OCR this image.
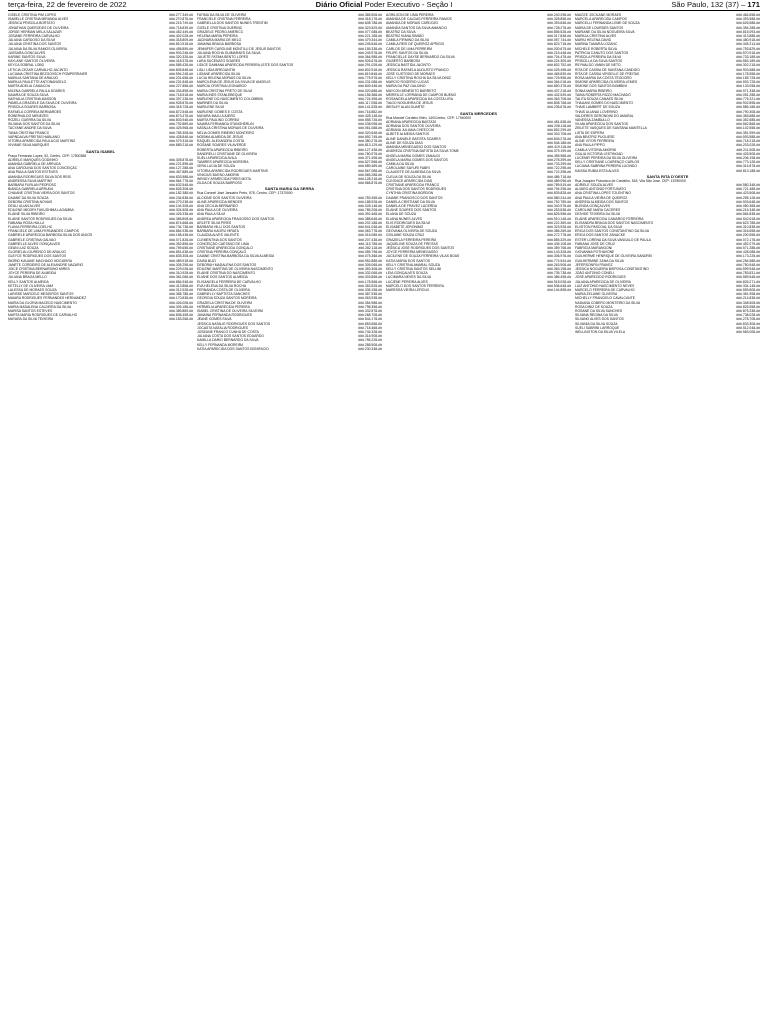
terça-feira, 22 de fevereiro de 2022	Diário Oficial Poder Executivo - Seção I	São Paulo, 132 (37) – 171
GISELE CRISTINA PIM LOPES	###.277.349-##
ISABELLE CRISTINA MIRANDA ALVES	###.270.878-##
JESSICA PRISCILA BORTATO	###.215.749-##
JONATHAN QUERODES DE OLIVEIRA	###.718.839-##
JORGE HERMAN MELA SALAZAR	###.452.449-##
JOSIANE FERREIRA CARVALHO	###.402.028-##
JULIANA CARDOSO DA SILVA	###.318.809-##
JULIANA CRISTINA DOS SANTOS	###.810.518-##
JULIANA DA SILVA RAMOS OLIVEIRA	###.458.859-##
JUSSARA GONCALVES	###.903.248-##
KARINE SANTOS SILVA	###.320.328-##
KAYLANE SANTOS OLIVEIRA	###.418.378-##
KEYCA SOBRAL LOBO	###.585.428-##
LETICIA CEZAR CARVALHO JACINTO	###.805.848-##
LUCIANA CRISTINA BEZGOVSCH POMPERRAIER	###.594.248-##
MARILIA SANTANA DE ARAUJO	###.201.658-##
MARILIA PAULETTE ANTONANGELO	###.231.848-##
MARTA ADELIA CAMACOA	###.227.858-##
MILENA GABRIELA PAULA SOARES	###.334.898-##
NAIARA DE SOUZA SILVA	###.718.518-##
NATHALIA CRISTINA MASSON	###.397.238-##
PAMELA GRAZIELE DA SILVA DE OLIVEIRA	###.928.878-##
PRISCILA SOARES BARBOSA	###.318.728-##
RAFAELA CORREIA BERNARDES	###.872.548-##
ROBERVALDO MENEZES	###.873.478-##
ROZELI GUERRA DA SILVA	###.803.948-##
SILVANA DOS SANTOS DA SILVA	###.792.889-##
TACYANE ANDRE DA SILVA	###.425.968-##
TANIA CRISTINA FRANCO	###.785.308-##
VARNDALVA FREITAS HABLANO	###.428.848-##
VITORIA APARECIDA PAULUCIO MARTINS	###.079.318-##
VIVIANE SILVA MARQUES	###.889.218-##
SANTA ISABEL
Praça Fernando Lopes, 52, Centro, CEP: 17500388
ADRIELE MARQUES GODINHO	###.305.878-##
AMANDA GABRIELA DE ARRUDA	###.221.898-##
ANA CAROLINA DOS SANTOS CONCEIÇÃO	###.127.288-##
ANA PAULA SANTOS ESTEVES	###.467.889-##
AMANDA RODRIGUES SILVA DOS REIS	###.833.588-##
ANDRESSA SILVA MARTINS	###.564.778-##
BARBARA FURLAN PEDROSO	###.632.548-##
BIANCA GABRIELA ARRUDA	###.828.308-##
CHAIANE CRISTINA VIEIRA DOS SANTOS	###.182.388-##
DAIANE DA SILVA SOUZA	###.234.838-##
DEBORA CRISTINA NOVAIS	###.279.238-##
DEULI ULIAN ALVES	###.104.308-##
EDILENE MIDORI FUKUSHIMA LAGAMBA	###.304.508-##
ELAINE SILVA RIBEIRO	###.426.338-##
ELAINE SANTOS RODRIGUES DA SILVA	###.385.808-##
FABIANA ROSA HULLA	###.874.668-##
FLAVIA FERREIRA COELHO	###.734.738-##
FRANCIELE DE LIMA FERNANDES CAMPOS	###.864.938-##
GABRIELE APARECIDA BARBOSA SILVA DOS ANJOS	###.158.438-##
GABRIELE CRISTINA GALVAO	###.071.828-##
GABRIELLE ALVES GONÇALVES	###.352.858-##
GEAN LUIZ SOUZA	###.759.658-##
GLORIELIA LOURENCO DE ARAUJO	###.851.638-##
GLEYCE RODRIGUES DOS SANTOS	###.835.308-##
INGRID KAUANE MACHADO NOGUEIRA	###.489.918-##
JANETE CORDEIRO DE ALEXANDRE NAZARIO	###.305.298-##
JOICE CRISTINA BERNARDINO MIRES	###.229.028-##
JOYCE PEREIRA DE ALMEIDA	###.310.928-##
JULIANA BRAGA MELLO	###.361.068-##
KELLY SANTOS ALMEIDA	###.884.948-##
KETELLY DE OLIVEIRA LIMA	###.413.868-##
LALESSA DE MORAES SOUZA	###.312.928-##
LARISSE MARCELE MEDEIROS SANTOS	###.368.788-##
MAIARA RODRIGUES FERNANDES HERNANDEZ	###.170.838-##
MARIA DA GLORIA MACEDO NASCIMENTO	###.426.008-##
MARIA MADALENA CALDEIRA DA SILVA	###.305.188-##
MARISA SANTOS ESTEVES	###.389.889-##
MARTA MARIA RODRIGUES DE CARVALHO	###.808.458-##
MAYARA DA SILVA TEIXEIRA	###.183.268-##
FATIMA DA SILVA DE OLIVEIRA	###.385.508-##
FRANCIELE CRISTINA FERREIRA	###.318.178-##
GABRIELLA DOS SANTOS NUNES TRENTIM	###.608.788-##
GIZELE CRISTINA GUERINO	###.323.529-##
GRAZIELE PEDRO AMERICO	###.077.088-##
HELENA MARIA PEREIRA	###.221.188-##
JACINARA MARIA DE MELO	###.479.344-##
JANAINA BRAGA BARBOSA	###.245.848-##
JENNIFER CAROLINE MONTILLI DE JESUS SANTOS	###.155.338-##
JULIANA ROCHA GUIMARAES DA SILVA	###.245.978-##
JULIETE FATIMA BENTO LOPES	###.364.988-##
LARA SUCENATO SOARES	###.926.678-##
LIDICE DAMIANA APARECIDA PEREIRA LEITE DOS SANTOS	###.291.028-##
LIDLI LIDIA BREGANTIM	###.802.518-##
LIDIANE APARECIDA SILVA	###.819.848-##
LUCIA HELENA MORAIS DA SILVA	###.775.978-##
MARCILENA DE JESUS DA SILVA DE ANGELIS	###.231.088-##
MARCIA CRISTINA LEONARDO	###.849.448-##
MARIA CRISTINA PRETO DE SILVA	###.020.688-##
MARIA INES STANLEBEQUE	###.156.388-##
MARLENE DO NASCIMENTO COLOMBINI	###.724.398-##
MARINES DA SILVA	###.117.058-##
MARILENE SILVA	###.141.528-##
MARLENE GOMES E COSTA	###.716.882-##
MAYARA MAJU AJUERO	###.428.148-##
MARTA PAULINO CORREA	###.558.728-##
NAIARA FERNANDA STANGHERLIN	###.038.098-##
NATALIA CRISTINA MORAIS DE OLIVEIRA	###.061.088-##
NELIA GOMES RIBEIRO MONTEIRO	###.320.648-##
NOEMIA ALMEIDA DE JESUS	###.892.745-##
RAQUEL ALEXANDRA COSTA	###.380.278-##
ROSANE SOARES VILAVERDE	###.813.129-##
ROBERTA APARECIDA RIBEIRO	###.127.438-##
SANDRELLI CRISTIANE DE OLIVEIRA	###.780.978-##
SUELI APARECIDA AVILA	###.371.498-##
TAMIRES APARECIDA MOREIRA	###.527.568-##
VERA LUCIA DE SOUZA	###.589.489-##
VITORIA APARECIDA RODRIGUES MARTINS	###.567.088-##
VINICIUS BUENO AMORIM	###.565.288-##
WENDY APARECIDA PIRES MOTA	###.128.218-##
ZILDA DE SOUZA BARROSO	###.566.878-##
SANTA MARIA DA SERRA
Rua Coronel José Januário Preto, 578, Centro, CEP: 17370000
ALCIONE DOS SANTOS OLIVEIRA	###.783.498-##
ALINE APARECIDA MENDES	###.188.928-##
ANA CECILIA BERNARDO	###.028.148-##
ANA PAULA DE OLIVEIRA	###.785.208-##
ANA PAULA SILVA	###.392.468-##
ANDREA APARECIDA FRAGOSSO DOS SANTOS	###.388.648-##
ARLETE SILVA PIRES	###.202.188-##
BARBARA HILLI DOS SANTOS	###.541.048-##
BARBARA KAORU HIRATA	###.063.778-##
CLAUDIA ALVES VALENTE	###.016.088-##
CLEMENTINA DOS SANTOS	###.207.438-##
CONCEIÇÃO CAETANO DE LIMA	###.115.788-##
CRISTIANE APARECIDA GONÇALO	###.282.118-##
CRISTINA PEREIRA GONÇALO	###.085.798-##
DAIANE CRISTINA BARBOSA DA SILVA ALMEIDA	###.075.368-##
DAISA BUZI	###.952.888-##
DEBORAH MADALENA DOS SANTOS	###.305.068-##
EDILENE MARTINS DE OLIVEIRA NASCIMENTO	###.353.308-##
ELAINE CRISTINA DO NASCIMENTO	###.332.068-##
ELIANE DOS SANTOS ALMEIDA	###.303.858-##
ELISANGELA FERREIRA DE CARVALHO	###.178.568-##
EVA HELENA DA SILVA ROCHA	###.353.528-##
FERNANDA COSTA DE OLIVEIRA	###.335.158-##
GABRIELLY BAPTISTA SANCHES	###.387.538-##
GEORGIA SOUZA SANTOS MOREIRA	###.063.938-##
GRAZIELA CRISTINA DE OLIVEIRA	###.354.988-##
HERMELIA APARECIDA PEREIRA	###.798.358-##
ISABEL CRISTINA DE OLIVEIRA SILVEIRA	###.332.878-##
JANAINA FERNANDA RODRIGUES	###.268.708-##
JEANE GOMES SILVA	###.544.178-##
JESSICA NATALIE RODRIGUES DOS SANTOS	###.853.658-##
JOCASTA NATALIA RODRIGUES	###.718.468-##
JOSEANE FRANCO CUNHA DE COSTA	###.746.328-##
JULIANA COSTA DOS SANTOS EDUARDO	###.316.908-##
KAMILLA DARIO BERNARDO DA SILVA	###.756.228-##
KELLY FERNANDA MOREIRA	###.288.508-##
KATIA APARECIDA DOS SANTOS BONIFACIO	###.230.338-##
AGRILSON DE LIMA PEREIRA	###.240.298-##
AMANDA DE CALDAS FERREIRA RAMOS	###.328.858-##
AMANDA DE MORAIS CARDOZO	###.393.838-##
AMANDA SANTOS DA SILVA AMANCIO	###.728.278-##
BEATRIZ DA SILVA	###.855.528-##
BEATRIZ KIANA SIMIÃO	###.017.848-##
CAMILA FIRMINO DA SILVA	###.057.744-##
CAMILA REIS DE QUEIROZ APRIGIO	###.823.718-##
CARLOS DE LIMA FERREIRA	###.030.675-##
FELIPE SANTOS DA SILVA	###.215.448-##
FRANCIELLE DAYSE BERNARDO DA SILVA	###.704.478-##
GILBERTO BARBOSA	###.224.309-##
JESSICA BASTIDA JACINTO	###.802.752-##
JESSICA RAFAELA AUGUSTO FRANCO	###.025.498-##
JOSÉ CUSTODIO DE MORAES	###.465.839-##
KELLY CRISTINA ROCHA DA SILVA DINIZ	###.725.958-##
MARCIO ROGERIO LUCAS	###.364.018-##
MARIA DA PAZ GALDINO	###.850.378-##
MAYCON BENEDITO BARRETO	###.407.218-##
MEIREILLE LORRAINA DE CAMPOS BUENO	###.432.539-##
ROSANGELA APARECIDA DA COSTA LIRA	###.363.708-##
TIAGO NOGUEIRA DE JESUS	###.808.768-##
WESLEY ALAN DUARTE	###.235.678-##
SANTA MERCEDES
Rua Manoel Cordeiro Ilhéu, 140/Centro, CEP: 17940000
ADRIANA APARECIDA BASTATA	###.481.638-##
ADRIANA DOS SANTOS OLIVEIRA	###.208.118-##
ADRIANA JULIANA CHEECCHI	###.852.299-##
ALBETE ALMEIDA SANTOS	###.303.708-##
ALINE DANIELE BATISTA SOARES	###.845.278-##
ALINE DE SOUZA DIAS	###.546.188-##
AMANDA MENEGASSO DOS SANTOS	###.419.118-##
ANDREZA CRISTINA BATISTA DA SILVA TOME	###.379.199-##
ANGELA MARIA GOMES ZANALDI	###.455.988-##
ANGELA MARIA GOMES DOS SANTOS	###.278.399-##
CAMILA DA SILVA	###.733.299-##
CAROLAINE SAYURI FABRI	###.722.298-##
CLAUDETE DE ALMEIDA DA SILVA	###.722.298-##
CLELIA DE SOUZA DA SILVA	###.486.718-##
CLEONICE APARECIDA DIAS	###.489.098-##
CRISTIANE APARECIDA FRANCO	###.789.519-##
CRISTINA DOS SANTOS RODRIGUES	###.794.298-##
CYNTHIA CRISTINA BORDON	###.839.828-##
DAIANE FRANCISCO DOS SANTOS	###.580.244-##
DANIELA CRISTIANE DA SILVA	###.752.789-##
DANIELA DE FRAVEZ LACERDA	###.340.978-##
ELAINE SOARES DOS SANTOS	###.253.838-##
ELIANA DE SOUZA	###.825.958-##
ELIANA NUNES ALVES	###.910.148-##
ELIS RODRIGUES DA SILVA	###.222.369-##
ELISABETE JERONIMO	###.323.928-##
GEOVANA OLIVEIRA DE SOUZA	###.385.269-##
GISLAINE SOUZA CRUZ	###.272.778-##
GRAZIELA FERREIRA PEREIRA	###.855.329-##
JAQUELINE SOUZA DE FREITAS	###.435.108-##
JESSICA JOSE RODRIGUES DOS SANTOS	###.359.768-##
JOYCE FERREIRA MENEGASSO	###.143.328-##
JUCILENE DE SOUZA FERREIRA VILAS BOAS	###.306.978-##
KATIA MARIA DOS SANTOS	###.774.944-##
KELLY CRISTINA AMARAL SOUZA	###.263.908-##
KELLY CRISTINA SANTOS SELLINI	###.363.198-##
LEIA GONÇALVES SOUZA	###.735.738-##
LUCIMARA NEVES DA SILVA	###.386.498-##
LUCIENE PEREIRA ALVES	###.918.028-##
MARCELO DOS SANTOS FERREIRA	###.536.648-##
MARESSA VIEIRA LEROUX	###.104.898-##
MAICEE JOCILANE MORAES	###.464.658-##
MARCELA APARECIDA CAMPOS	###.393.588-##
MARCELLI FERNANDA LEME DE SOUZA	###.626.588-##
MARIA DE LOURDES SANTOS	###.354.288-##
MARIANE DA SILVA NOGUEIRA SILVA	###.815.093-##
MARILIA CRISTINA ALVES	###.313.888-##
MARIU HELENA DAVID	###.480.918-##
MARINA TAMARA LOZANO	###.345.214-##
MICHELE ROBERTA SILVA	###.753.829-##
PATRICIA CANUTO DOS SANTOS	###.570.918-##
PRISCILA PEREIRA DA SILVA	###.733.188-##
PRISCILLA DA SILVA SANTOS	###.563.189-##
REYNALDO VANIN DE NETO	###.302.218-##
RITA DE CASSIA DE SANTANA CANDIDO	###.903.588-##
RITA DE CASSIA VIRGELLE DE FREITAS	###.178.558-##
ROSA MARIA DA COSTA TEODORO	###.155.728-##
SIMONE APARECIDA OLIVEIRA LEMES	###.593.728-##
SIMONE DOS SANTOS BOMBINI	###.133.058-##
SONIA MARIA RIBEIRO	###.971.338-##
TAINA ROBERTA RIZZO MACHADO	###.051.288-##
TALITA SOUZA CANAES SILVA	###.776.221-##
THAUANI GOMES DO NASCIMENTO	###.902.898-##
THAIS LAMBERT DE SOUZA	###.585.188-##
THAIS ULIANAI LOVERINO	###.790.308-##
VALDERES GERONDINI DO AMARAL	###.365.888-##
VANESSA ZAMBULLO	###.352.588-##
VILMA APARECIDA DOS SANTOS	###.562.868-##
ZEILETE VASQUES DE SANTANA MANTELLA	###.102.558-##
LISTA DE ESPERA	###.351.999-##
ANA BEATRIZ PUGLIESE	###.593.588-##
ALINE VITOR FERREIRA	###.718.218-##
ANA PAULA PIPPO	###.203.028-##
CAMILA VITÓRIA AMORIM	###.211.508-##
GIULIA VICTORIA LESTINGAD	###.425.508-##
LUCENIR PEREIRA DA SILVA OLIVEIRA	###.206.198-##
KELLY CRISTIANE LOURENÇO CARLOS	###.773.128-##
LUCIANA SABRINA PEREIRA LUCINDO	###.314.878-##
KAISSA RUBIA ESTA ALVES	###.813.188-##
SANTA RITA D'OESTE
Rua Joaquim Francisco de Carvalho, 518, Vila São José, CEP: 15780000
ADRIELE SOUZA ALVES	###.580.348-##
ALVARO ANTONIO FORTUNATO	###.721.488-##
ANA CRISTINA LOPES TOLENTINO	###.423.508-##
ANA PAULA VIEIRA DE QUEIROZ	###.255.128-##
ANDREIA ALMEIDA DOS SANTOS	###.903.648-##
BLENDA GONÇALVES	###.080.368-##
CAROLINE MARA CACERES	###.216.348-##
DEIVIDE TEIXEIRA DA SILVA	###.584.838-##
ELAINE APARECIDA CAMARGO FERREIRA	###.542.618-##
ELISANDRA BRAGA DOS SANTOS NASCIMENTO	###.623.788-##
ELISITON PASCOAL DA SILVA	###.310.838-##
ERICA DOS SANTOS CONSTANTINO DA SILVA	###.316.658-##
ERICA DOS SANTOS ZANACKE	###.200.558-##
ESTER LORENA DA SILVA VANGALO DE PAULA	###.072.178-##
FABIANA JOSE DE CRUZ	###.452.079-##
FABRICIA MARANGONI	###.571.288-##
GIOVANNA POTHAVONE	###.428.088-##
GUILHERME HENRIQUE DE OLIVEIRA SANDREI	###.173.228-##
GUILHERMINE ZANA DA SILVA	###.254.588-##
JEFERSONFIN FRAVEZ	###.750.548-##
JESSICA NOGUEIRA BISPOSA CONSTANTINO	###.599.948-##
JOÃO ANTONIO CONELI	###.783.831-##
JOSÉ APARECIDO RODRIGUES	###.559.548-##
JULIANA APARECIDA DE OLIVEIRA	###.826.271-##
LUIZ ANTONIO NASCIMENTO NEVES	###.334.148-##
MARCELO FERREIRA DE CARVALHO	###.559.808-##
MARIA ZELAINE OLIVEIRA	###.361.998-##
MICHELLY FRANCIELO CAVALCANTE	###.214.838-##
NADIANA COBERO MONTEIRO DA SILVA	###.348.508-##
ROSA DINIZ DE SOUZA	###.825.558-##
ROSANE DA SILVA SANCHES	###.875.338-##
SILVANA REGINA DA SILVA	###.738.028-##
SILVANO ALVES DOS SANTOS	###.278.708-##
SILVANIA DA SILVA SOUZA	###.833.308-##
SUELI SABRINI LARROQUE	###.512.048-##
WELLINGTON DA SILVA VILELA	###.583.008-##
